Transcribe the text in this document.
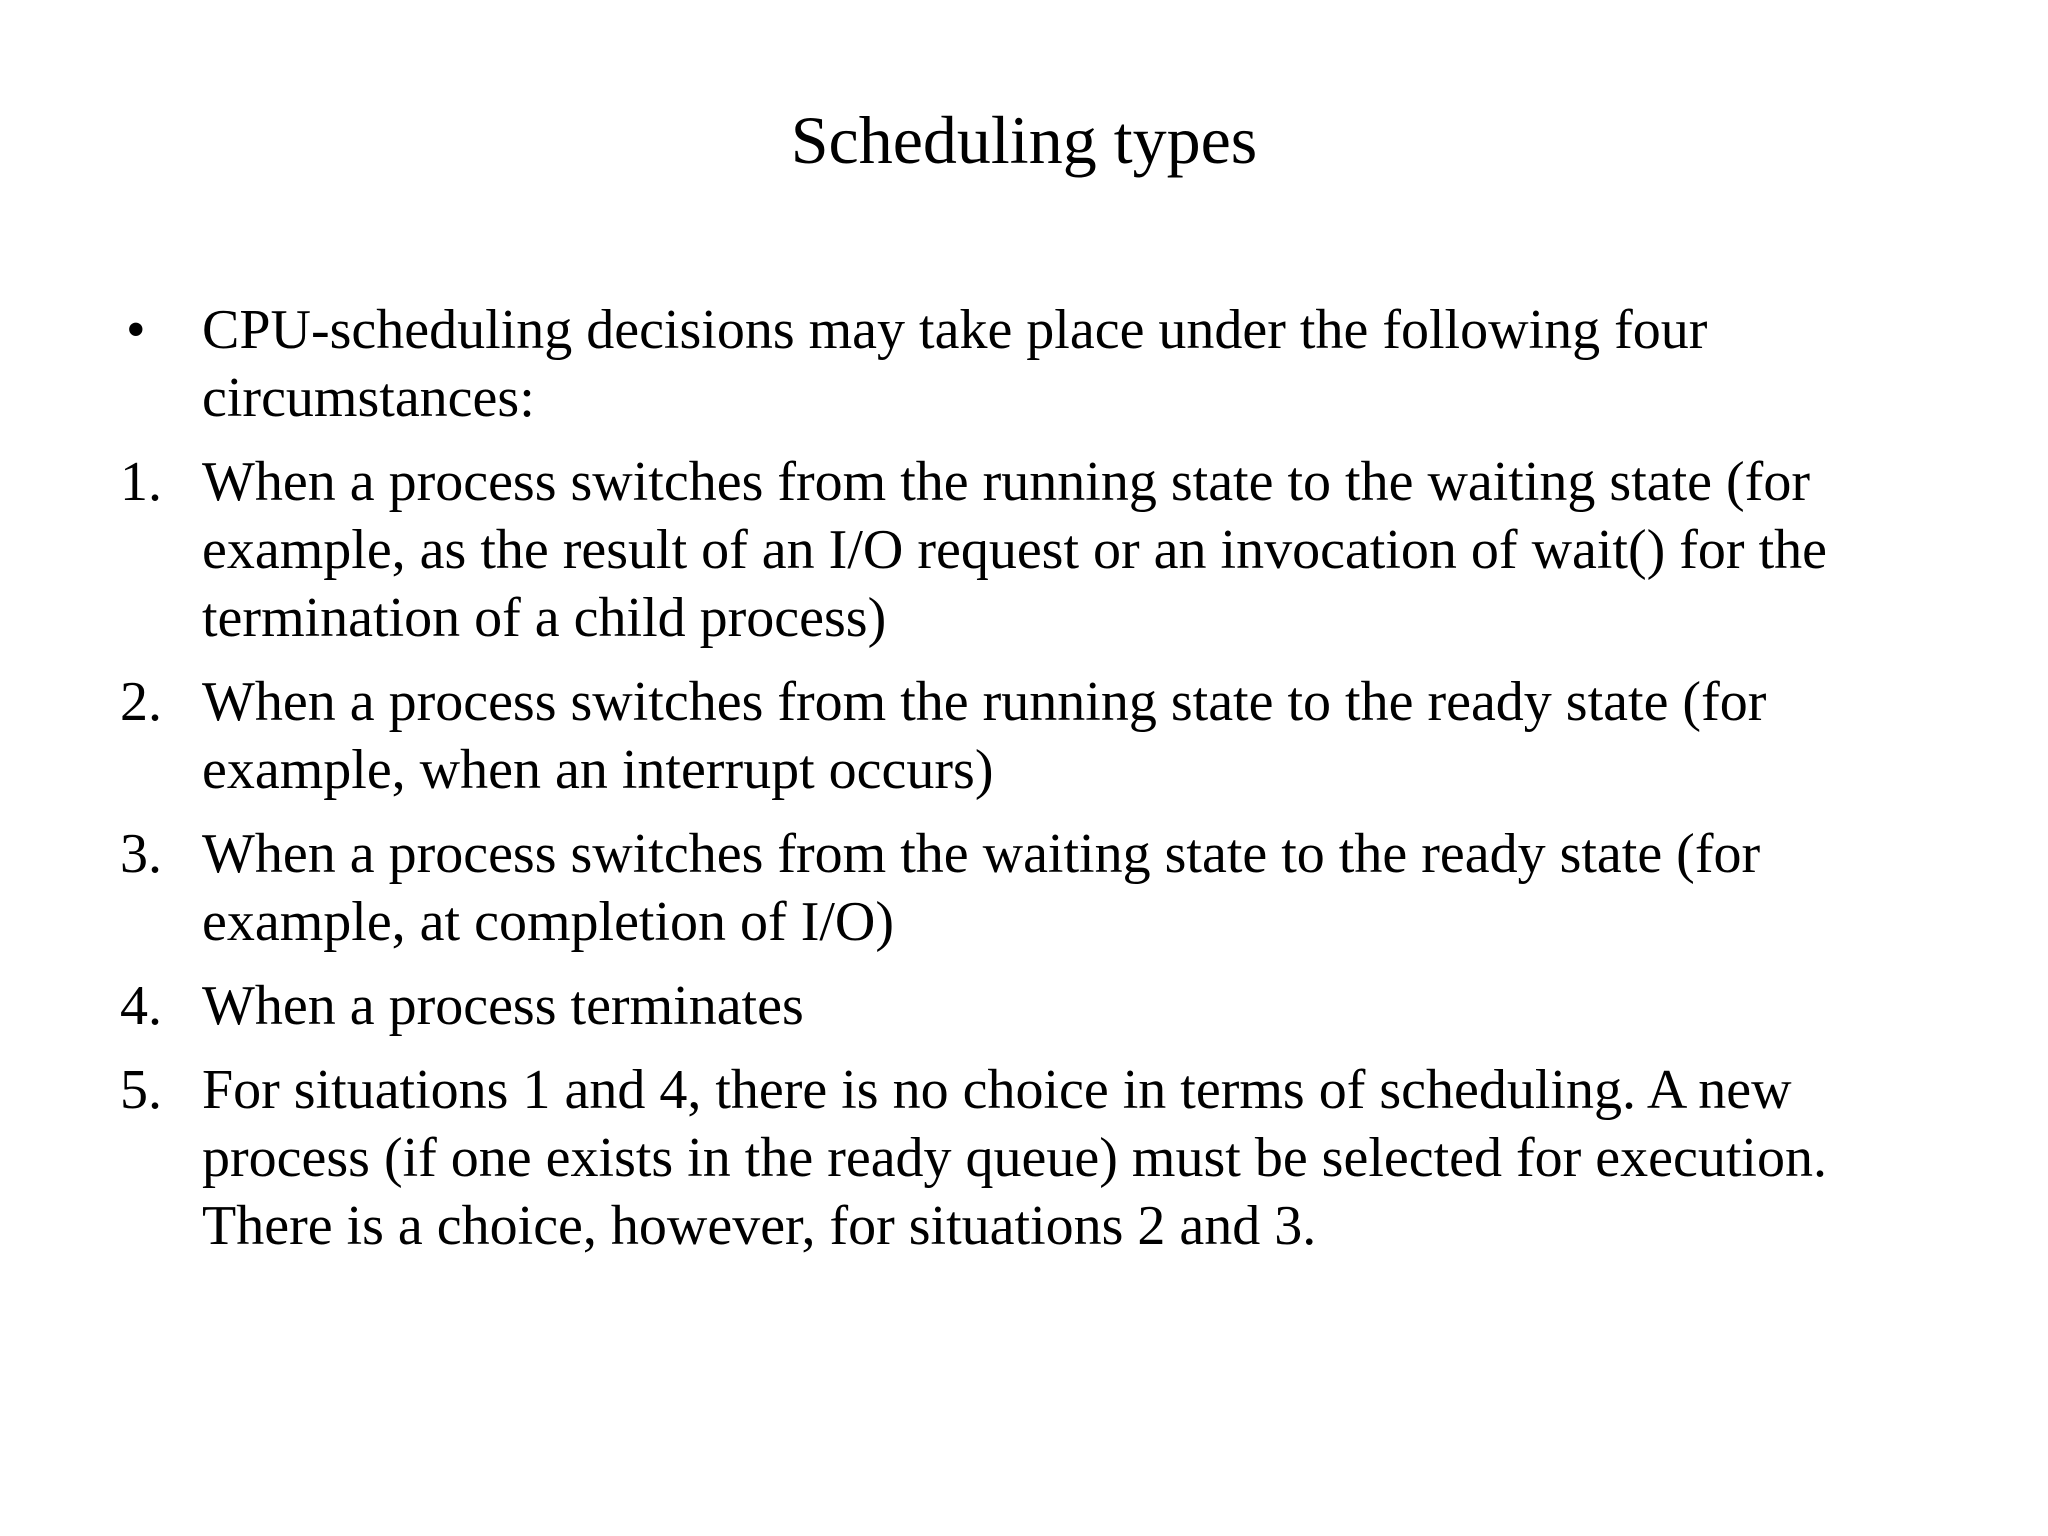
Scheduling types
•	CPU-scheduling decisions may take place under the following four circumstances:
1. When a process switches from the running state to the waiting state (for example, as the result of an I/O request or an invocation of wait() for the termination of a child process)
2. When a process switches from the running state to the ready state (for example, when an interrupt occurs)
3. When a process switches from the waiting state to the ready state (for example, at completion of I/O)
4. When a process terminates
5. For situations 1 and 4, there is no choice in terms of scheduling. A new process (if one exists in the ready queue) must be selected for execution. There is a choice, however, for situations 2 and 3.
